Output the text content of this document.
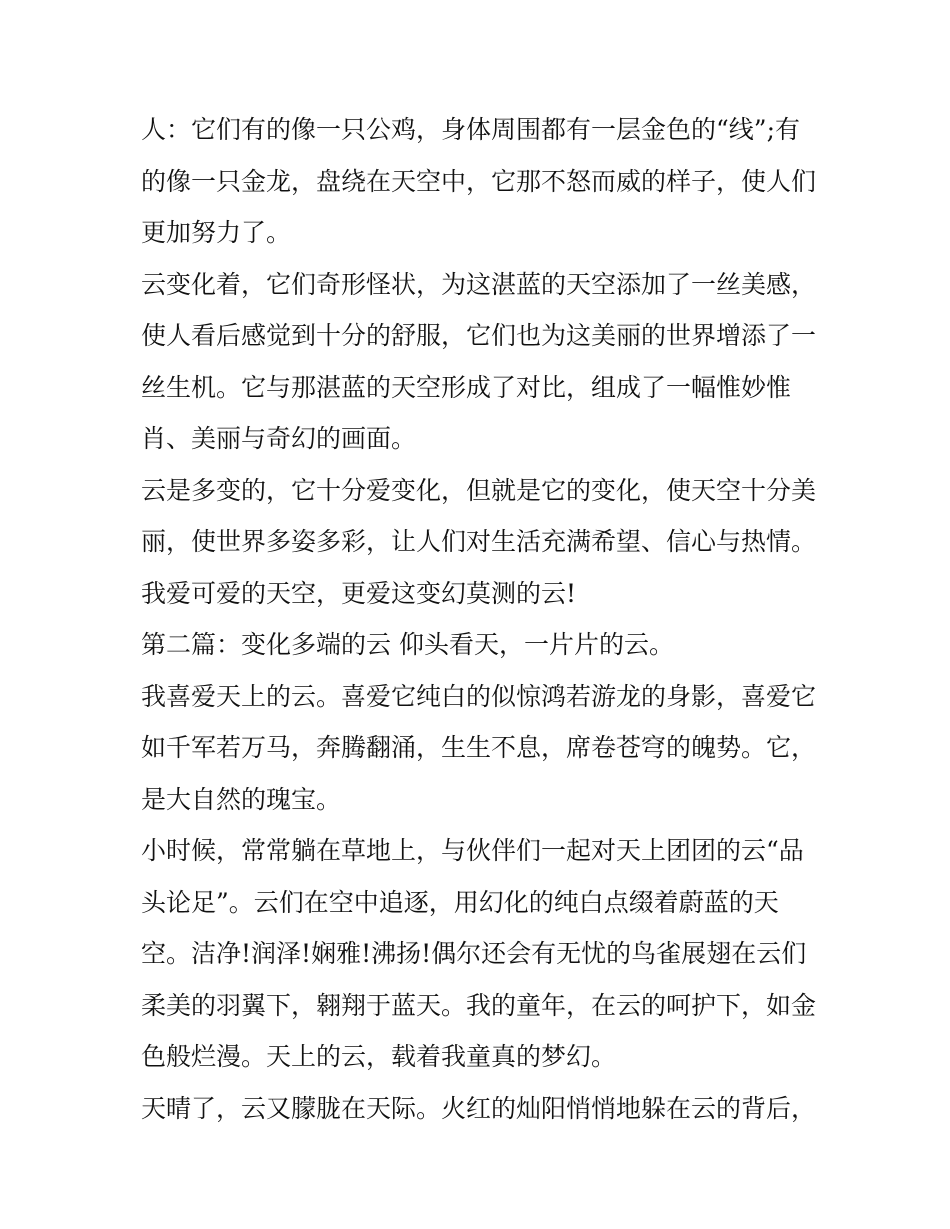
人：它们有的像一只公鸡，身体周围都有一层金色的“线”;有
的像一只金龙，盘绕在天空中，它那不怒而威的样子，使人们
更加努力了。
云变化着，它们奇形怪状，为这湛蓝的天空添加了一丝美感，
使人看后感觉到十分的舒服，它们也为这美丽的世界增添了一
丝生机。它与那湛蓝的天空形成了对比，组成了一幅惟妙惟
肖、美丽与奇幻的画面。
云是多变的，它十分爱变化，但就是它的变化，使天空十分美
丽，使世界多姿多彩，让人们对生活充满希望、信心与热情。
我爱可爱的天空，更爱这变幻莫测的云!
第二篇：变化多端的云 仰头看天，一片片的云。
我喜爱天上的云。喜爱它纯白的似惊鸿若游龙的身影，喜爱它
如千军若万马，奔腾翻涌，生生不息，席卷苍穹的魄势。它，
是大自然的瑰宝。
小时候，常常躺在草地上，与伙伴们一起对天上团团的云“品
头论足”。云们在空中追逐，用幻化的纯白点缀着蔚蓝的天
空。洁净!润泽!娴雅!沸扬!偶尔还会有无忧的鸟雀展翅在云们
柔美的羽翼下，翱翔于蓝天。我的童年，在云的呵护下，如金
色般烂漫。天上的云，载着我童真的梦幻。
天晴了，云又朦胧在天际。火红的灿阳悄悄地躲在云的背后，
